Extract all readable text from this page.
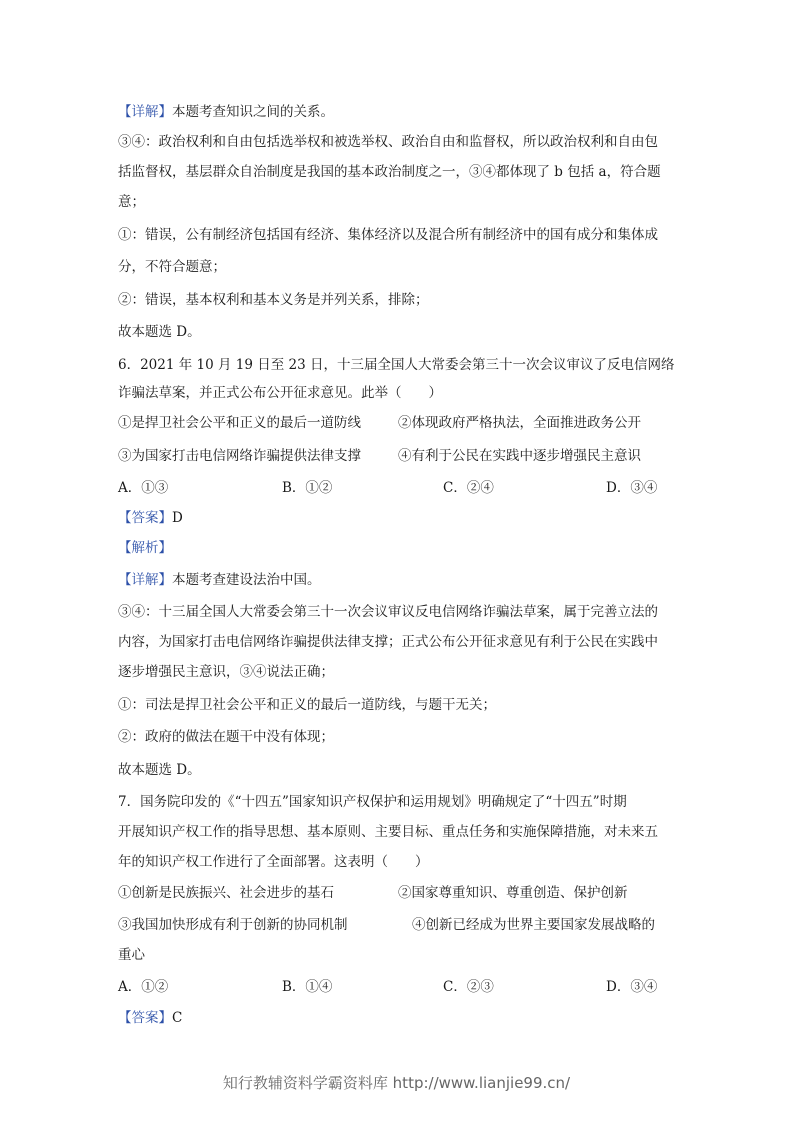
【详解】本题考查知识之间的关系。
③④：政治权利和自由包括选举权和被选举权、政治自由和监督权，所以政治权利和自由包
括监督权，基层群众自治制度是我国的基本政治制度之一，③④都体现了 b 包括 a，符合题
意；
①：错误，公有制经济包括国有经济、集体经济以及混合所有制经济中的国有成分和集体成
分，不符合题意；
②：错误，基本权利和基本义务是并列关系，排除；
故本题选 D。
6．2021 年 10 月 19 日至 23 日，十三届全国人大常委会第三十一次会议审议了反电信网络
诈骗法草案，并正式公布公开征求意见。此举（　　）
①是捍卫社会公平和正义的最后一道防线	②体现政府严格执法，全面推进政务公开
③为国家打击电信网络诈骗提供法律支撑	④有利于公民在实践中逐步增强民主意识
A．①③	B．①②	C．②④	D．③④
【答案】D
【解析】
【详解】本题考查建设法治中国。
③④：十三届全国人大常委会第三十一次会议审议反电信网络诈骗法草案，属于完善立法的
内容，为国家打击电信网络诈骗提供法律支撑；正式公布公开征求意见有利于公民在实践中
逐步增强民主意识，③④说法正确；
①：司法是捍卫社会公平和正义的最后一道防线，与题干无关；
②：政府的做法在题干中没有体现；
故本题选 D。
7．国务院印发的《“十四五”国家知识产权保护和运用规划》明确规定了“十四五”时期
开展知识产权工作的指导思想、基本原则、主要目标、重点任务和实施保障措施，对未来五
年的知识产权工作进行了全面部署。这表明（　　）
①创新是民族振兴、社会进步的基石	②国家尊重知识、尊重创造、保护创新
③我国加快形成有利于创新的协同机制	④创新已经成为世界主要国家发展战略的
重心
A．①②	B．①④	C．②③	D．③④
【答案】C
知行教辅资料学霸资料库 http://www.lianjie99.cn/
